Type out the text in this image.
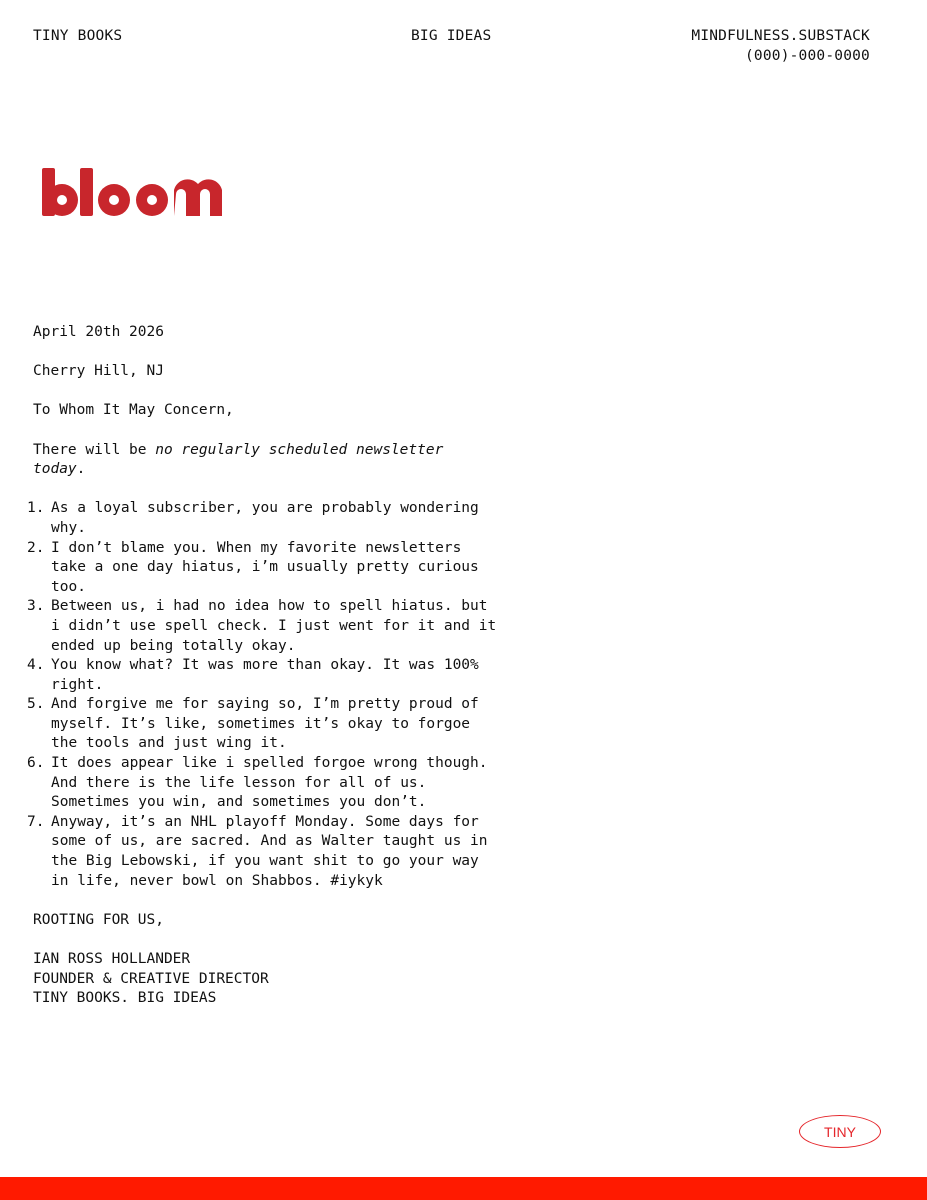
TINY BOOKS	BIG IDEAS	MINDFULNESS.SUBSTACK
(000)-000-0000

April 20th 2026

Cherry Hill, NJ

To Whom It May Concern,

There will be no regularly scheduled newsletter today.

1. As a loyal subscriber, you are probably wondering why.
2. I don’t blame you. When my favorite newsletters take a one day hiatus, i’m usually pretty curious too.
3. Between us, i had no idea how to spell hiatus. but i didn’t use spell check. I just went for it and it ended up being totally okay.
4. You know what? It was more than okay. It was 100% right.
5. And forgive me for saying so, I’m pretty proud of myself. It’s like, sometimes it’s okay to forgoe the tools and just wing it.
6. It does appear like i spelled forgoe wrong though. And there is the life lesson for all of us. Sometimes you win, and sometimes you don’t.
7. Anyway, it’s an NHL playoff Monday. Some days for some of us, are sacred. And as Walter taught us in the Big Lebowski, if you want shit to go your way in life, never bowl on Shabbos. #iykyk

ROOTING FOR US,

IAN ROSS HOLLANDER
FOUNDER & CREATIVE DIRECTOR
TINY BOOKS. BIG IDEAS
TINY
